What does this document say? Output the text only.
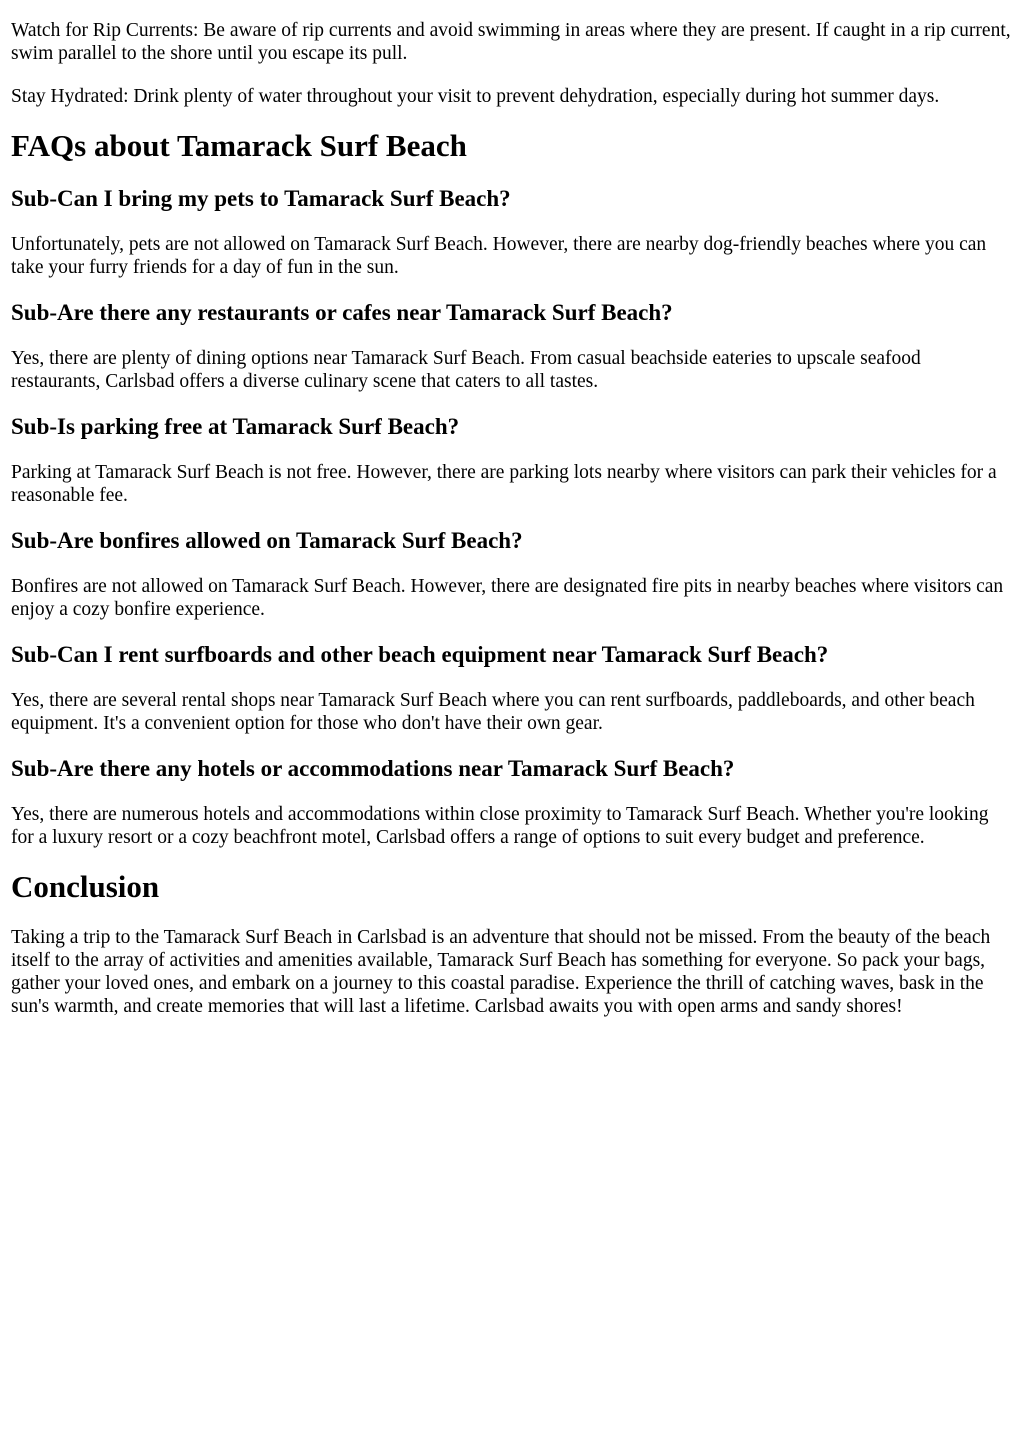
Watch for Rip Currents: Be aware of rip currents and avoid swimming in areas where they are present. If caught in a rip current, swim parallel to the shore until you escape its pull.

Stay Hydrated: Drink plenty of water throughout your visit to prevent dehydration, especially during hot summer days.

FAQs about Tamarack Surf Beach
Sub-Can I bring my pets to Tamarack Surf Beach?

Unfortunately, pets are not allowed on Tamarack Surf Beach. However, there are nearby dog-friendly beaches where you can take your furry friends for a day of fun in the sun.

Sub-Are there any restaurants or cafes near Tamarack Surf Beach?

Yes, there are plenty of dining options near Tamarack Surf Beach. From casual beachside eateries to upscale seafood restaurants, Carlsbad offers a diverse culinary scene that caters to all tastes.

Sub-Is parking free at Tamarack Surf Beach?

Parking at Tamarack Surf Beach is not free. However, there are parking lots nearby where visitors can park their vehicles for a reasonable fee.

Sub-Are bonfires allowed on Tamarack Surf Beach?

Bonfires are not allowed on Tamarack Surf Beach. However, there are designated fire pits in nearby beaches where visitors can enjoy a cozy bonfire experience.

Sub-Can I rent surfboards and other beach equipment near Tamarack Surf Beach?

Yes, there are several rental shops near Tamarack Surf Beach where you can rent surfboards, paddleboards, and other beach equipment. It's a convenient option for those who don't have their own gear.

Sub-Are there any hotels or accommodations near Tamarack Surf Beach?

Yes, there are numerous hotels and accommodations within close proximity to Tamarack Surf Beach. Whether you're looking for a luxury resort or a cozy beachfront motel, Carlsbad offers a range of options to suit every budget and preference.

Conclusion

Taking a trip to the Tamarack Surf Beach in Carlsbad is an adventure that should not be missed. From the beauty of the beach itself to the array of activities and amenities available, Tamarack Surf Beach has something for everyone. So pack your bags, gather your loved ones, and embark on a journey to this coastal paradise. Experience the thrill of catching waves, bask in the sun's warmth, and create memories that will last a lifetime. Carlsbad awaits you with open arms and sandy shores!
